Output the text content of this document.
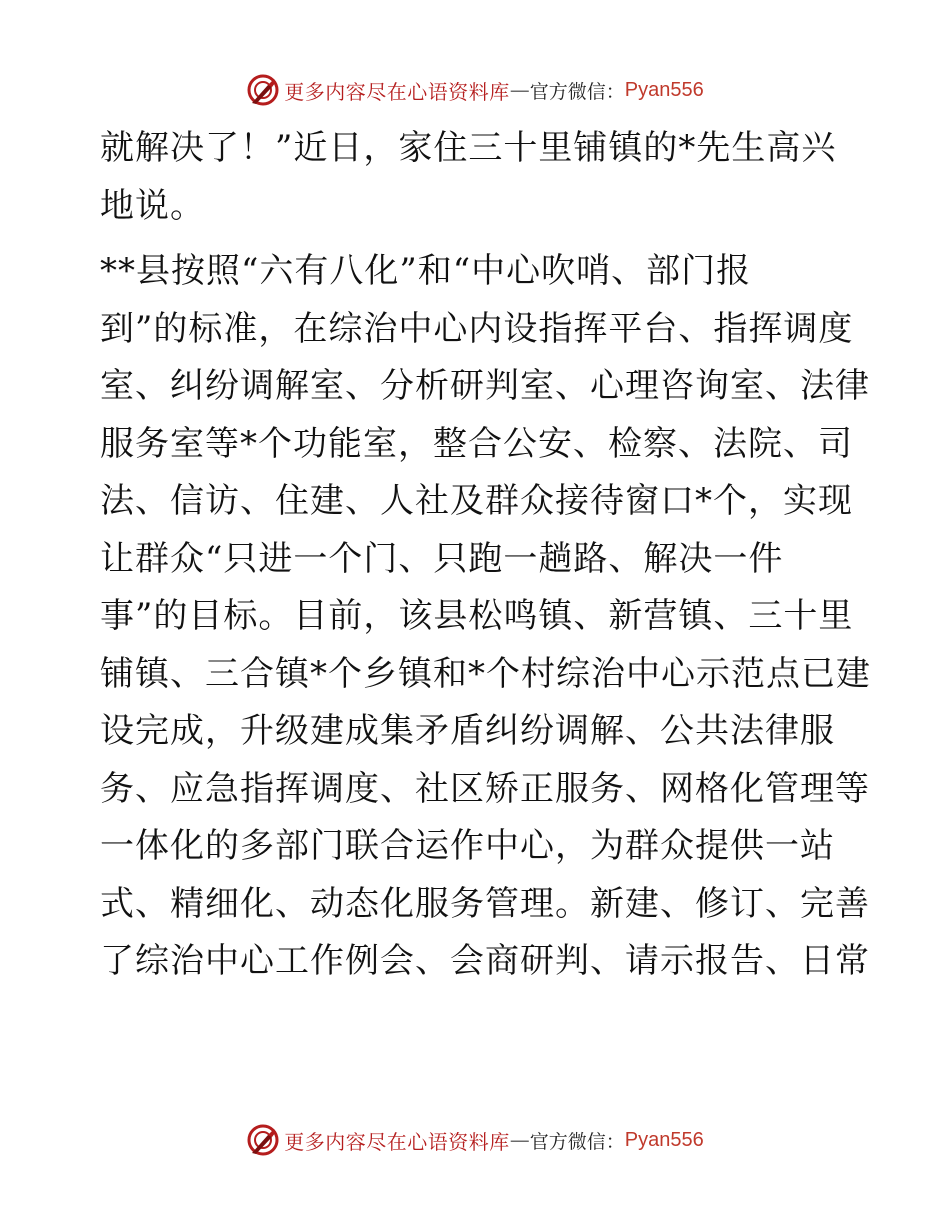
更多内容尽在心语资料库 — 官方微信： Pyan556
就解决了！”近日，家住三十里铺镇的*先生高兴
地说。
**县按照“六有八化”和“中心吹哨、部门报
到”的标准，在综治中心内设指挥平台、指挥调度
室、纠纷调解室、分析研判室、心理咨询室、法律
服务室等*个功能室，整合公安、检察、法院、司
法、信访、住建、人社及群众接待窗口*个，实现
让群众“只进一个门、只跑一趟路、解决一件
事”的目标。目前，该县松鸣镇、新营镇、三十里
铺镇、三合镇*个乡镇和*个村综治中心示范点已建
设完成，升级建成集矛盾纠纷调解、公共法律服
务、应急指挥调度、社区矫正服务、网格化管理等
一体化的多部门联合运作中心，为群众提供一站
式、精细化、动态化服务管理。新建、修订、完善
了综治中心工作例会、会商研判、请示报告、日常
更多内容尽在心语资料库 — 官方微信： Pyan556
